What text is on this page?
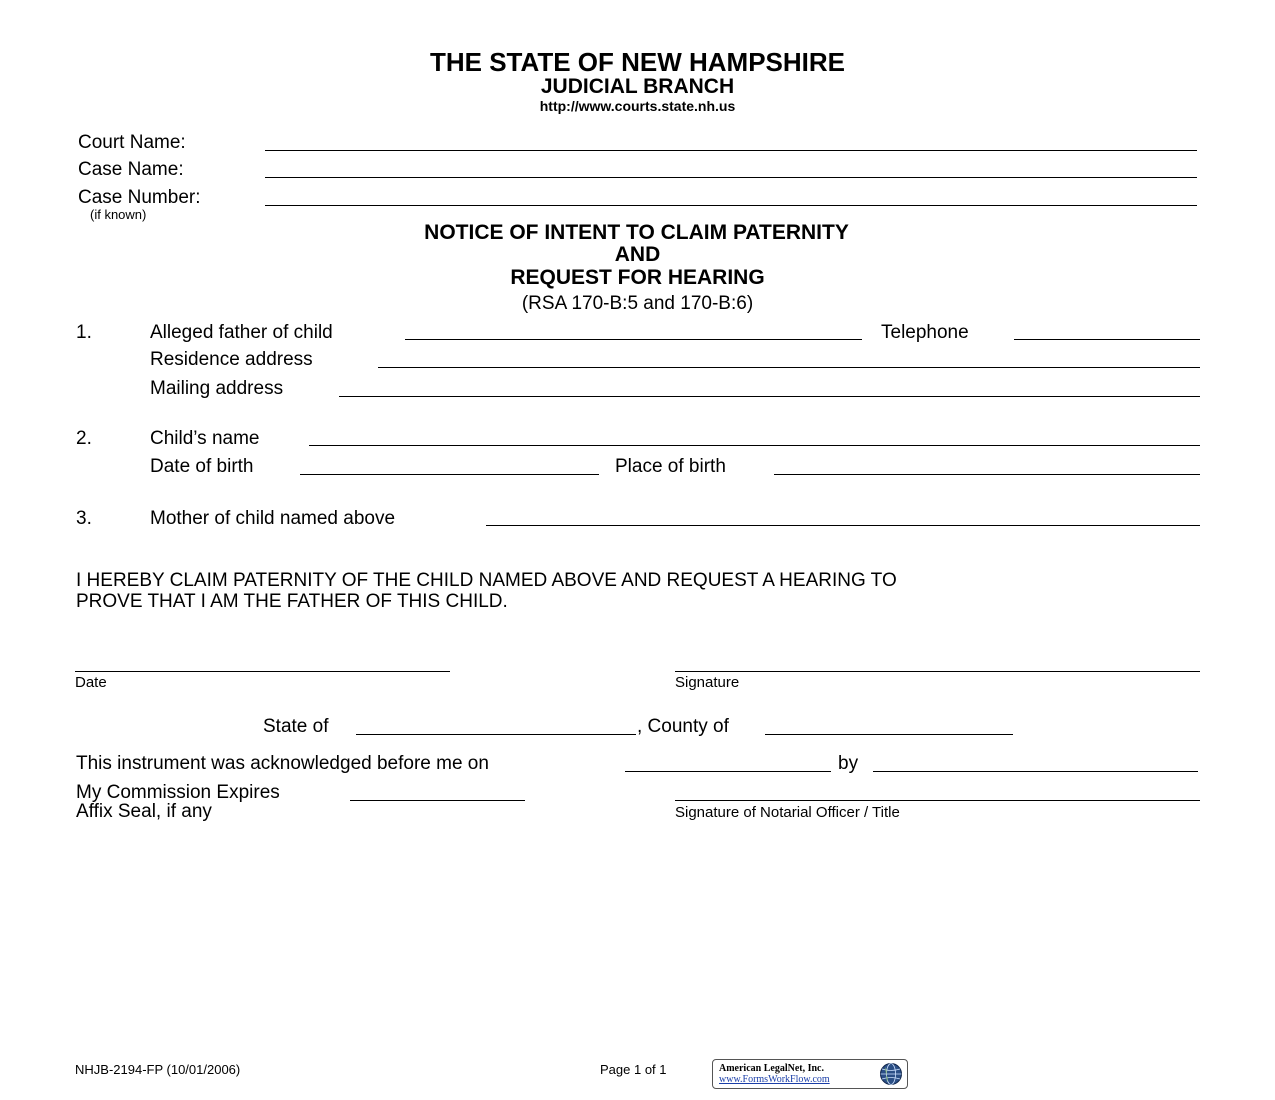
THE STATE OF NEW HAMPSHIRE
JUDICIAL BRANCH
http://www.courts.state.nh.us
Court Name:
Case Name:
Case Number:
(if known)
NOTICE OF INTENT TO CLAIM PATERNITY
AND
REQUEST FOR HEARING
(RSA 170-B:5 and 170-B:6)
1.	Alleged father of child	Telephone
Residence address
Mailing address
2.	Child’s name
Date of birth	Place of birth
3.	Mother of child named above
I HEREBY CLAIM PATERNITY OF THE CHILD NAMED ABOVE AND REQUEST A HEARING TO
PROVE THAT I AM THE FATHER OF THIS CHILD.
Date	Signature
State of	, County of
This instrument was acknowledged before me on	by
My Commission Expires
Affix Seal, if any	Signature of Notarial Officer / Title
NHJB-2194-FP (10/01/2006)	Page 1 of 1	American LegalNet, Inc.
www.FormsWorkFlow.com
